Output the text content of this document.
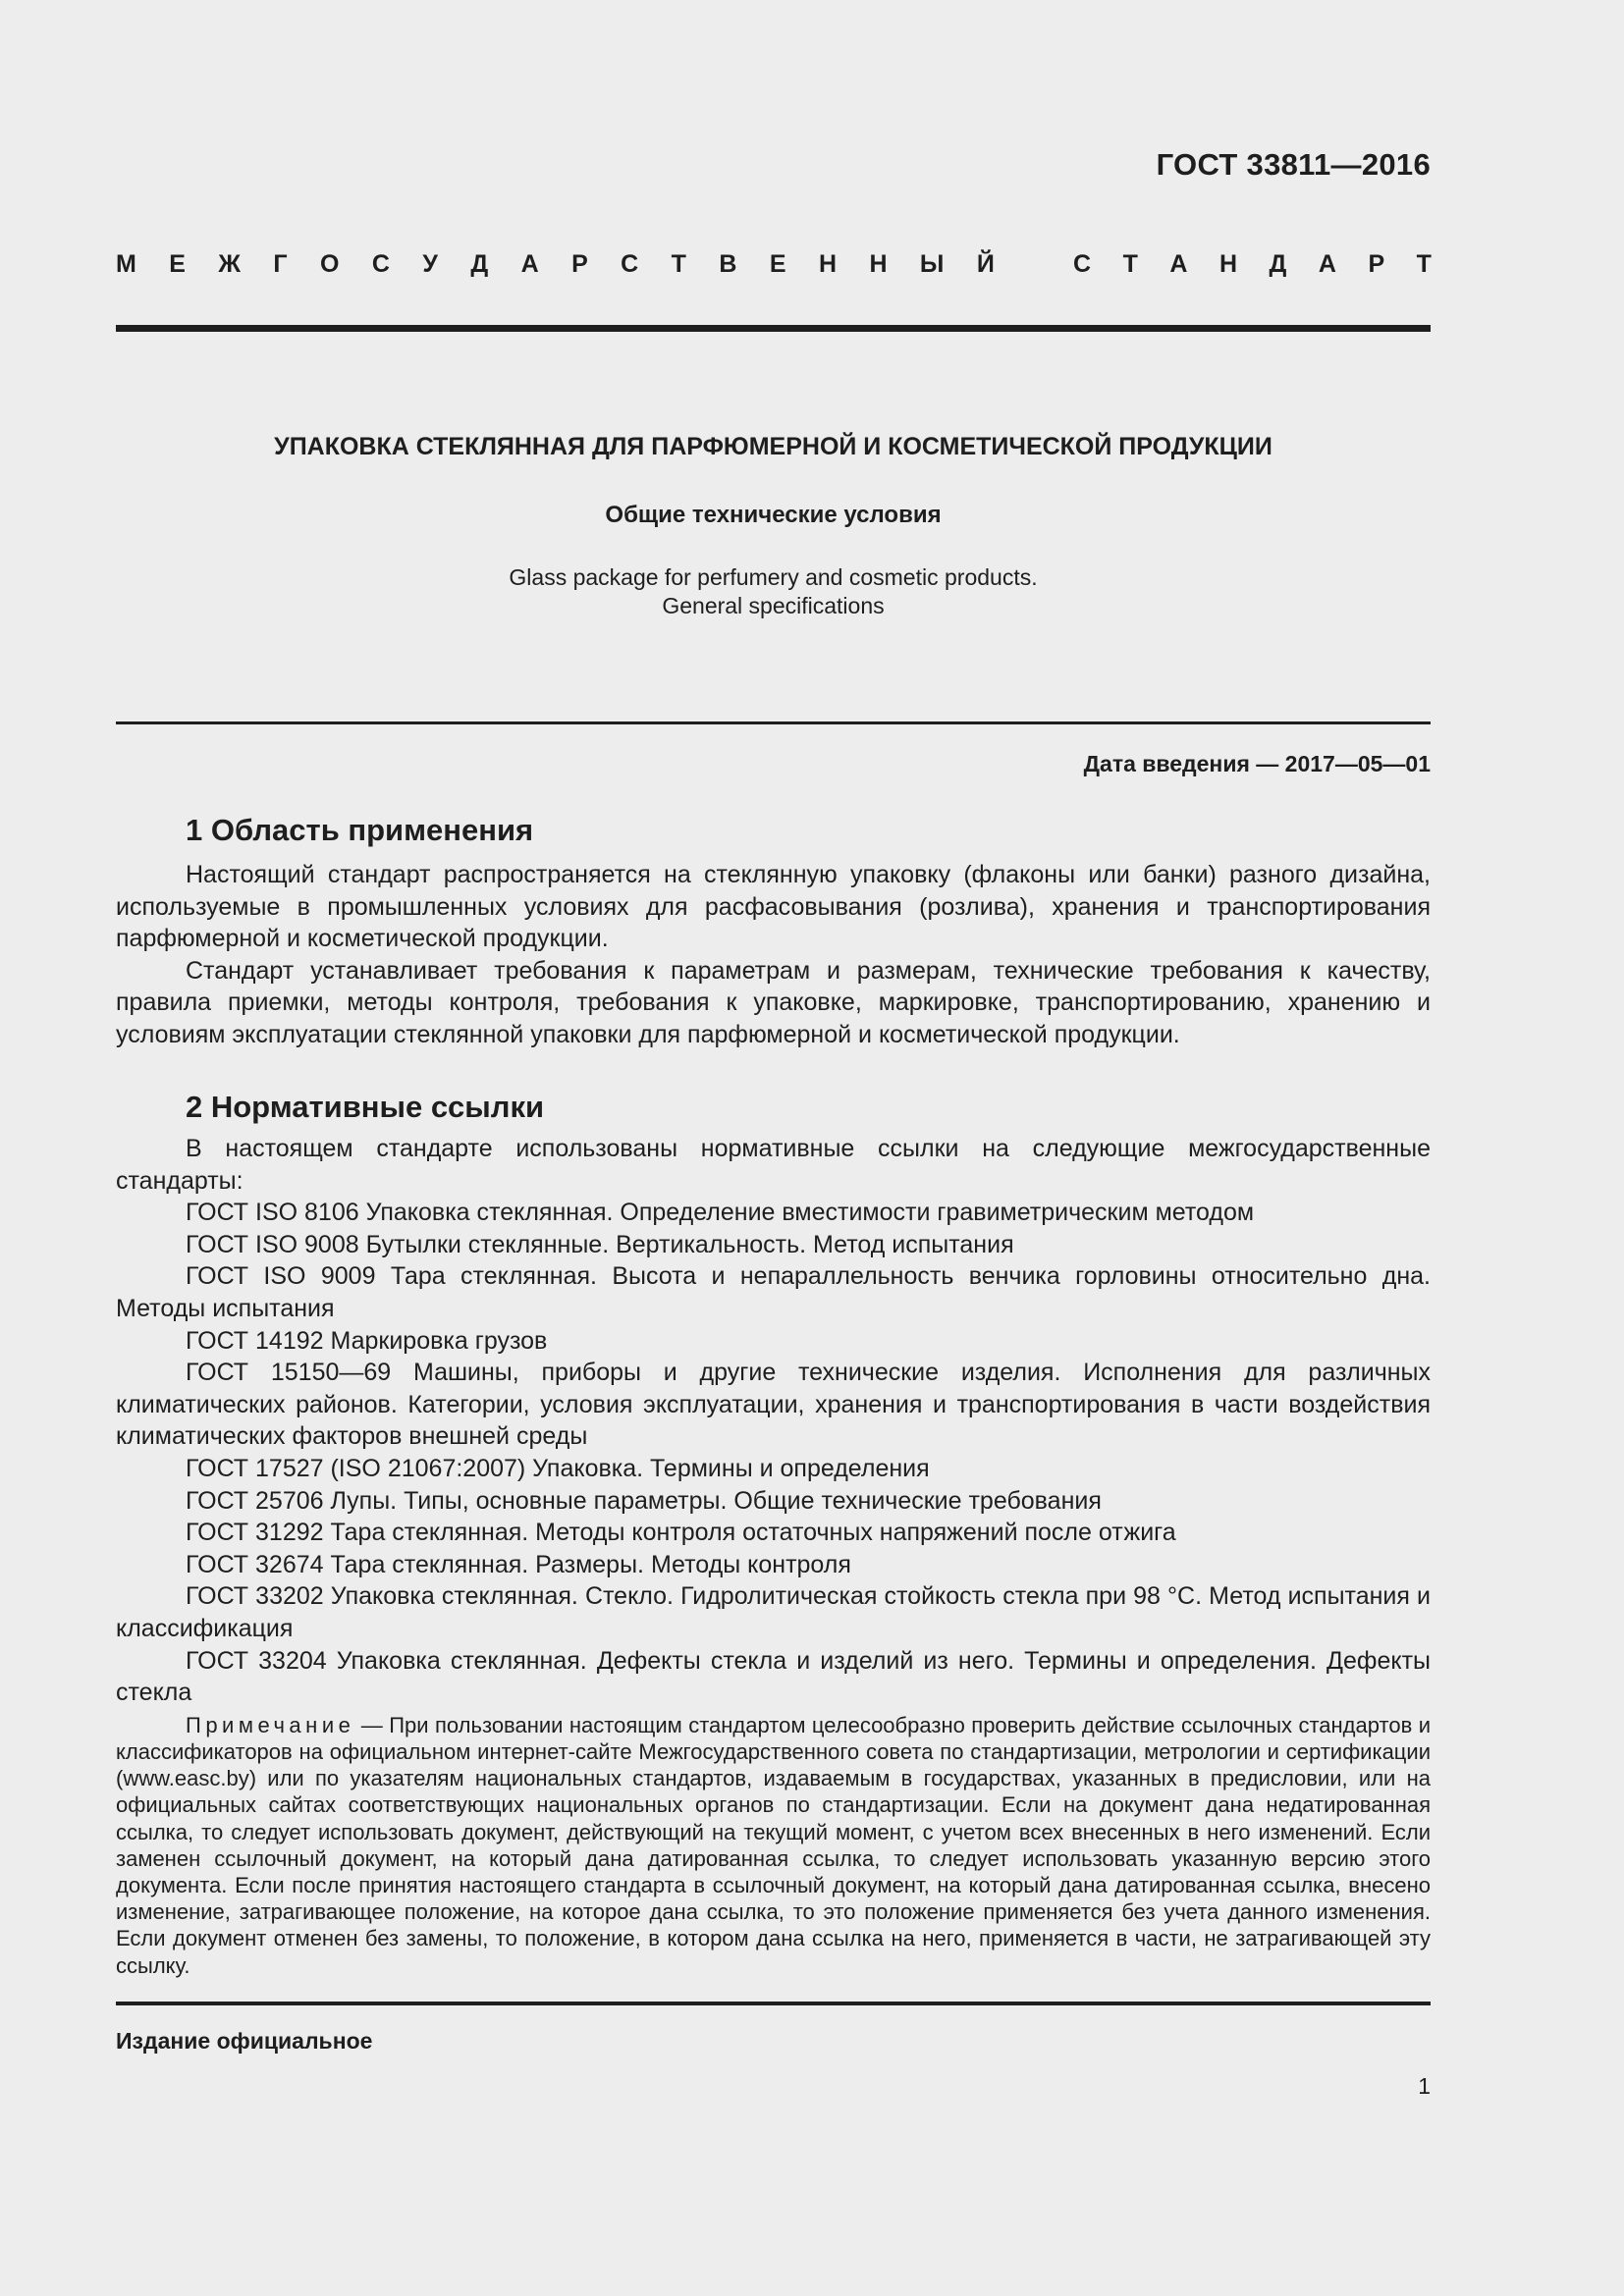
ГОСТ 33811—2016
М Е Ж Г О С У Д А Р С Т В Е Н Н Ы Й	С Т А Н Д А Р Т
УПАКОВКА СТЕКЛЯННАЯ ДЛЯ ПАРФЮМЕРНОЙ И КОСМЕТИЧЕСКОЙ ПРОДУКЦИИ
Общие технические условия
Glass package for perfumery and cosmetic products.
General specifications
Дата введения — 2017—05—01
1 Область применения

Настоящий стандарт распространяется на стеклянную упаковку (флаконы или банки) разного дизайна, используемые в промышленных условиях для расфасовывания (розлива), хранения и транспортирования парфюмерной и косметической продукции.

Стандарт устанавливает требования к параметрам и размерам, технические требования к качеству, правила приемки, методы контроля, требования к упаковке, маркировке, транспортированию, хранению и условиям эксплуатации стеклянной упаковки для парфюмерной и косметической продукции.

2 Нормативные ссылки

В настоящем стандарте использованы нормативные ссылки на следующие межгосударственные стандарты:

ГОСТ ISO 8106 Упаковка стеклянная. Определение вместимости гравиметрическим методом

ГОСТ ISO 9008 Бутылки стеклянные. Вертикальность. Метод испытания

ГОСТ ISO 9009 Тара стеклянная. Высота и непараллельность венчика горловины относительно дна. Методы испытания

ГОСТ 14192 Маркировка грузов

ГОСТ 15150—69 Машины, приборы и другие технические изделия. Исполнения для различных климатических районов. Категории, условия эксплуатации, хранения и транспортирования в части воздействия климатических факторов внешней среды

ГОСТ 17527 (ISO 21067:2007) Упаковка. Термины и определения

ГОСТ 25706 Лупы. Типы, основные параметры. Общие технические требования

ГОСТ 31292 Тара стеклянная. Методы контроля остаточных напряжений после отжига

ГОСТ 32674 Тара стеклянная. Размеры. Методы контроля

ГОСТ 33202 Упаковка стеклянная. Стекло. Гидролитическая стойкость стекла при 98 °С. Метод испытания и классификация

ГОСТ 33204 Упаковка стеклянная. Дефекты стекла и изделий из него. Термины и определения. Дефекты стекла

Примечание — При пользовании настоящим стандартом целесообразно проверить действие ссылочных стандартов и классификаторов на официальном интернет-сайте Межгосударственного совета по стандартизации, метрологии и сертификации (www.easc.by) или по указателям национальных стандартов, издаваемым в государствах, указанных в предисловии, или на официальных сайтах соответствующих национальных органов по стандартизации. Если на документ дана недатированная ссылка, то следует использовать документ, действующий на текущий момент, с учетом всех внесенных в него изменений. Если заменен ссылочный документ, на который дана датированная ссылка, то следует использовать указанную версию этого документа. Если после принятия настоящего стандарта в ссылочный документ, на который дана датированная ссылка, внесено изменение, затрагивающее положение, на которое дана ссылка, то это положение применяется без учета данного изменения. Если документ отменен без замены, то положение, в котором дана ссылка на него, применяется в части, не затрагивающей эту ссылку.

Издание официальное
1
